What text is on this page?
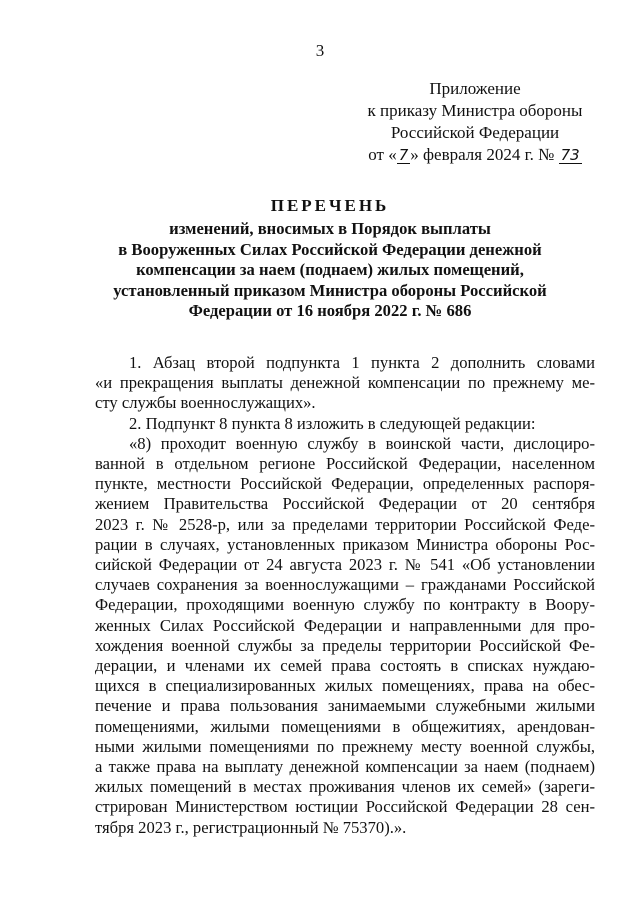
3
Приложение
к приказу Министра обороны
Российской Федерации
от « 7 » февраля 2024 г. № 73
ПЕРЕЧЕНЬ
изменений, вносимых в Порядок выплаты
в Вооруженных Силах Российской Федерации денежной
компенсации за наем (поднаем) жилых помещений,
установленный приказом Министра обороны Российской
Федерации от 16 ноября 2022 г. № 686
1. Абзац второй подпункта 1 пункта 2 дополнить словами
«и прекращения выплаты денежной компенсации по прежнему ме-
сту службы военнослужащих».
2. Подпункт 8 пункта 8 изложить в следующей редакции:
«8) проходит военную службу в воинской части, дислоциро-
ванной в отдельном регионе Российской Федерации, населенном
пункте, местности Российской Федерации, определенных распоря-
жением Правительства Российской Федерации от 20 сентября
2023 г. № 2528-р, или за пределами территории Российской Феде-
рации в случаях, установленных приказом Министра обороны Рос-
сийской Федерации от 24 августа 2023 г. № 541 «Об установлении
случаев сохранения за военнослужащими – гражданами Российской
Федерации, проходящими военную службу по контракту в Воору-
женных Силах Российской Федерации и направленными для про-
хождения военной службы за пределы территории Российской Фе-
дерации, и членами их семей права состоять в списках нуждаю-
щихся в специализированных жилых помещениях, права на обес-
печение и права пользования занимаемыми служебными жилыми
помещениями, жилыми помещениями в общежитиях, арендован-
ными жилыми помещениями по прежнему месту военной службы,
а также права на выплату денежной компенсации за наем (поднаем)
жилых помещений в местах проживания членов их семей» (зареги-
стрирован Министерством юстиции Российской Федерации 28 сен-
тября 2023 г., регистрационный № 75370).».
